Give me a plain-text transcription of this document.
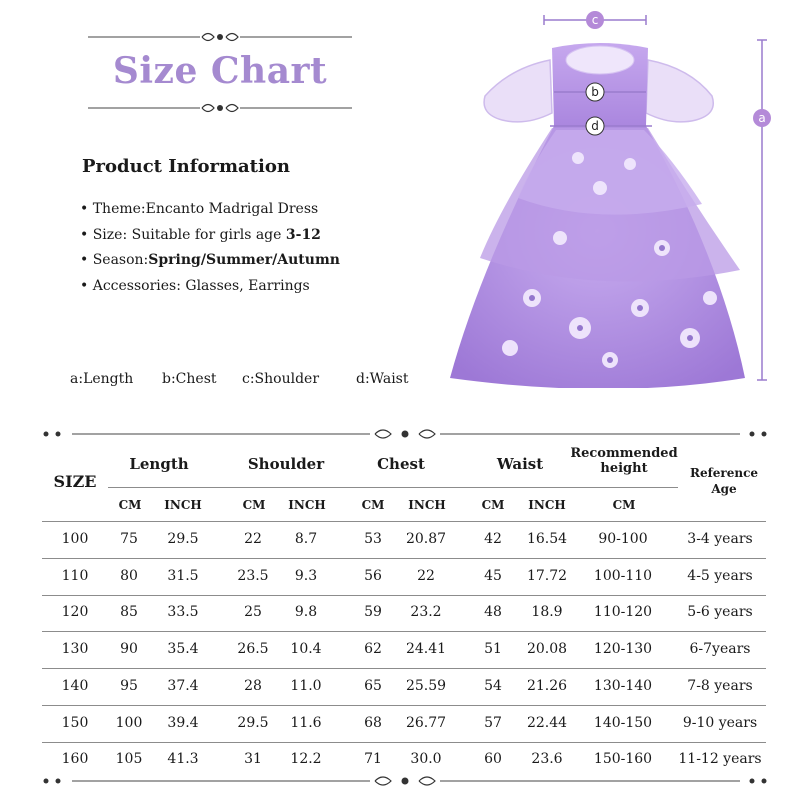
Size Chart
Product Information
• Theme:Encanto Madrigal Dress
• Size: Suitable for girls age 3-12
• Season:Spring/Summer/Autumn
• Accessories: Glasses, Earrings
a:Length b:Chest c:Shoulder	d:Waist
c
b
d
a
SIZE
Length	Shoulder	Chest	Waist
Recommended height	Reference Age
CM	INCH	CM	INCH	CM	INCH	CM	INCH	CM
100	75	29.5	22	8.7	53	20.87	42	16.54	90-100	3-4 years
110	80	31.5	23.5	9.3	56	22	45	17.72	100-110	4-5 years
120	85	33.5	25	9.8	59	23.2	48	18.9	110-120	5-6 years
130	90	35.4	26.5	10.4	62	24.41	51	20.08	120-130	6-7years
140	95	37.4	28	11.0	65	25.59	54	21.26	130-140	7-8 years
150	100	39.4	29.5	11.6	68	26.77	57	22.44	140-150	9-10 years
160	105	41.3	31	12.2	71	30.0	60	23.6	150-160	11-12 years
